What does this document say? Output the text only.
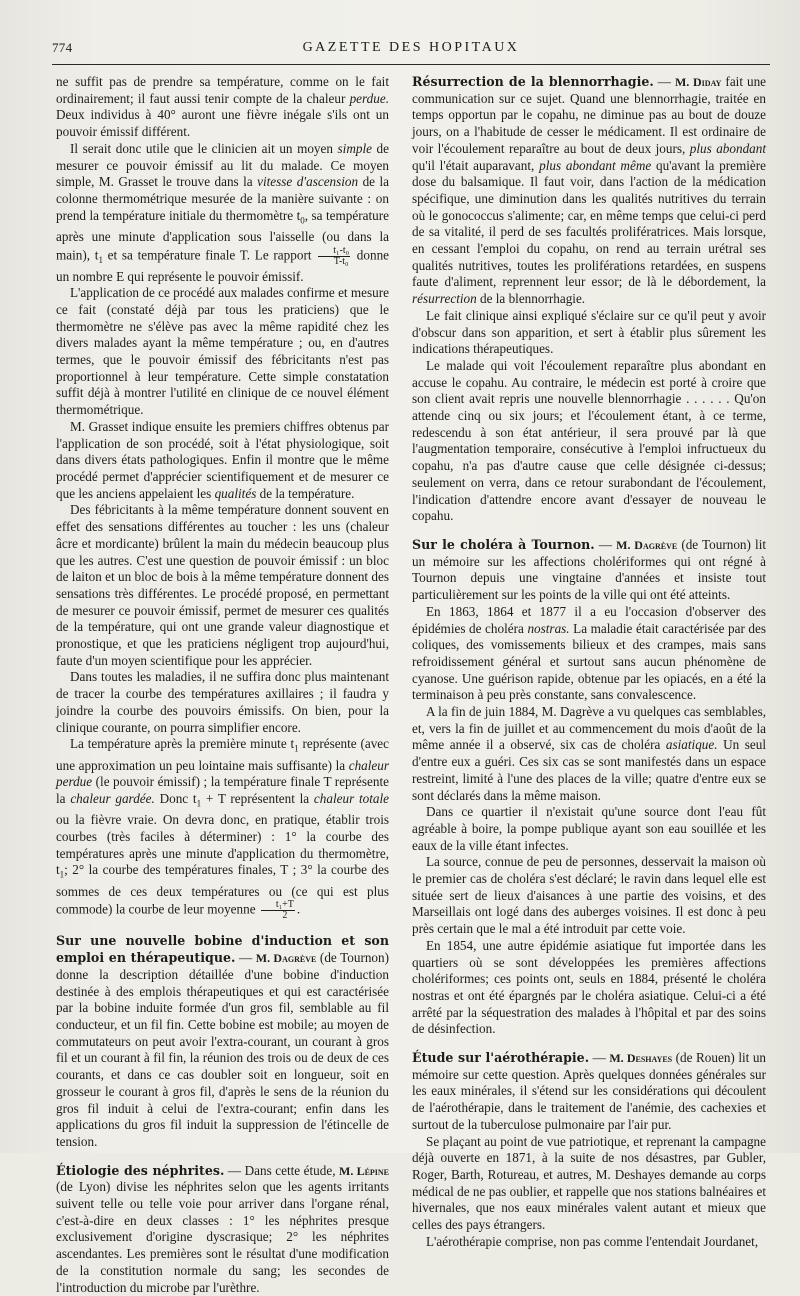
774	GAZETTE DES HOPITAUX

ne suffit pas de prendre sa température, comme on le fait ordinairement; il faut aussi tenir compte de la chaleur perdue. Deux individus à 40° auront une fièvre inégale s'ils ont un pouvoir émissif différent.

Il serait donc utile que le clinicien ait un moyen simple de mesurer ce pouvoir émissif au lit du malade. Ce moyen simple, M. Grasset le trouve dans la vitesse d'ascension de la colonne thermométrique mesurée de la manière suivante : on prend la température initiale du thermomètre $t_0$, sa température après une minute d'application sous l'aisselle (ou dans la main), $t_1$ et sa température finale T. Le rapport $\frac{\text{t₁-t₀}}{\text{T-t₀}}$ donne un nombre E qui représente le pouvoir émissif.

L'application de ce procédé aux malades confirme et mesure ce fait (constaté déjà par tous les praticiens) que le thermomètre ne s'élève pas avec la même rapidité chez les divers malades ayant la même température ; ou, en d'autres termes, que le pouvoir émissif des fébricitants n'est pas proportionnel à leur température. Cette simple constatation suffit déjà à montrer l'utilité en clinique de ce nouvel élément thermométrique.

M. Grasset indique ensuite les premiers chiffres obtenus par l'application de son procédé, soit à l'état physiologique, soit dans divers états pathologiques. Enfin il montre que le même procédé permet d'apprécier scientifiquement et de mesurer ce que les anciens appelaient les qualités de la température.

Des fébricitants à la même température donnent souvent en effet des sensations différentes au toucher : les uns (chaleur âcre et mordicante) brûlent la main du médecin beaucoup plus que les autres. C'est une question de pouvoir émissif : un bloc de laiton et un bloc de bois à la même température donnent des sensations très différentes. Le procédé proposé, en permettant de mesurer ce pouvoir émissif, permet de mesurer ces qualités de la température, qui ont une grande valeur diagnostique et pronostique, et que les praticiens négligent trop aujourd'hui, faute d'un moyen scientifique pour les apprécier.

Dans toutes les maladies, il ne suffira donc plus maintenant de tracer la courbe des températures axillaires ; il faudra y joindre la courbe des pouvoirs émissifs. On bien, pour la clinique courante, on pourra simplifier encore.

La température après la première minute $t_1$ représente (avec une approximation un peu lointaine mais suffisante) la chaleur perdue (le pouvoir émissif) ; la température finale T représente la chaleur gardée. Donc $t_1 + T$ représentent la chaleur totale ou la fièvre vraie. On devra donc, en pratique, établir trois courbes (très faciles à déterminer) : 1° la courbe des températures après une minute d'application du thermomètre, $t_1$; 2° la courbe des températures finales, T ; 3° la courbe des sommes de ces deux températures ou (ce qui est plus commode) la courbe de leur moyenne $\frac{\text{t₁+T}}{2}$ .

Sur une nouvelle bobine d'induction et son emploi en thérapeutique. — M. Dagrève (de Tournon) donne la description détaillée d'une bobine d'induction destinée à des emplois thérapeutiques et qui est caractérisée par la bobine induite formée d'un gros fil, semblable au fil conducteur, et un fil fin. Cette bobine est mobile; au moyen de commutateurs on peut avoir l'extra-courant, un courant à gros fil et un courant à fil fin, la réunion des trois ou de deux de ces courants, et dans ce cas doubler soit en longueur, soit en grosseur le courant à gros fil, d'après le sens de la réunion du gros fil induit à celui de l'extra-courant; enfin dans les applications du gros fil induit la suppression de l'étincelle de tension.

Étiologie des néphrites. — Dans cette étude, M. Lépine (de Lyon) divise les néphrites selon que les agents irritants suivent telle ou telle voie pour arriver dans l'organe rénal, c'est-à-dire en deux classes : 1° les néphrites presque exclusivement d'origine dyscrasique; 2° les néphrites ascendantes. Les premières sont le résultat d'une modification de la constitution normale du sang; les secondes de l'introduction du microbe par l'urèthre.

Résurrection de la blennorrhagie. — M. Diday fait une communication sur ce sujet. Quand une blennorrhagie, traitée en temps opportun par le copahu, ne diminue pas au bout de douze jours, on a l'habitude de cesser le médicament. Il est ordinaire de voir l'écoulement reparaître au bout de deux jours, plus abondant qu'il l'était auparavant, plus abondant même qu'avant la première dose du balsamique. Il faut voir, dans l'action de la médication spécifique, une diminution dans les qualités nutritives du terrain où le gonococcus s'alimente; car, en même temps que celui-ci perd de sa vitalité, il perd de ses facultés prolifératrices. Mais lorsque, en cessant l'emploi du copahu, on rend au terrain urétral ses qualités nutritives, toutes les proliférations retardées, en suspens faute d'aliment, reprennent leur essor; de là le débordement, la résurrection de la blennorrhagie.

Le fait clinique ainsi expliqué s'éclaire sur ce qu'il peut y avoir d'obscur dans son apparition, et sert à établir plus sûrement les indications thérapeutiques.

Le malade qui voit l'écoulement reparaître plus abondant en accuse le copahu. Au contraire, le médecin est porté à croire que son client avait repris une nouvelle blennorrhagie . . . . . . Qu'on attende cinq ou six jours; et l'écoulement étant, à ce terme, redescendu à son état antérieur, il sera prouvé par là que l'augmentation temporaire, consécutive à l'emploi infructueux du copahu, n'a pas d'autre cause que celle désignée ci-dessus; seulement on verra, dans ce retour surabondant de l'écoulement, l'indication d'attendre encore avant d'essayer de nouveau le copahu.

Sur le choléra à Tournon. — M. Dagrève (de Tournon) lit un mémoire sur les affections cholériformes qui ont régné à Tournon depuis une vingtaine d'années et insiste tout particulièrement sur les points de la ville qui ont été atteints.

En 1863, 1864 et 1877 il a eu l'occasion d'observer des épidémies de choléra nostras. La maladie était caractérisée par des coliques, des vomissements bilieux et des crampes, mais sans refroidissement général et surtout sans aucun phénomène de cyanose. Une guérison rapide, obtenue par les opiacés, en a été la terminaison à peu près constante, sans convalescence.

A la fin de juin 1884, M. Dagrève a vu quelques cas semblables, et, vers la fin de juillet et au commencement du mois d'août de la même année il a observé, six cas de choléra asiatique. Un seul d'entre eux a guéri. Ces six cas se sont manifestés dans un espace restreint, limité à l'une des places de la ville; quatre d'entre eux se sont déclarés dans la même maison.

Dans ce quartier il n'existait qu'une source dont l'eau fût agréable à boire, la pompe publique ayant son eau souillée et les eaux de la ville étant infectes.

La source, connue de peu de personnes, desservait la maison où le premier cas de choléra s'est déclaré; le ravin dans lequel elle est située sert de lieux d'aisances à une partie des voisins, et des Marseillais ont logé dans des auberges voisines. Il est donc à peu près certain que le mal a été introduit par cette voie.

En 1854, une autre épidémie asiatique fut importée dans les quartiers où se sont développées les premières affections cholériformes; ces points ont, seuls en 1884, présenté le choléra nostras et ont été épargnés par le choléra asiatique. Celui-ci a été arrêté par la séquestration des malades à l'hôpital et par des soins de désinfection.

Étude sur l'aérothérapie. — M. Deshayes (de Rouen) lit un mémoire sur cette question. Après quelques données générales sur les eaux minérales, il s'étend sur les considérations qui découlent de l'aérothérapie, dans le traitement de l'anémie, des cachexies et surtout de la tuberculose pulmonaire par l'air pur.

Se plaçant au point de vue patriotique, et reprenant la campagne déjà ouverte en 1871, à la suite de nos désastres, par Gubler, Roger, Barth, Rotureau, et autres, M. Deshayes demande au corps médical de ne pas oublier, et rappelle que nos stations balnéaires et hivernales, que nos eaux minérales valent autant et mieux que celles des pays étrangers.

L'aérothérapie comprise, non pas comme l'entendait Jourdanet,
